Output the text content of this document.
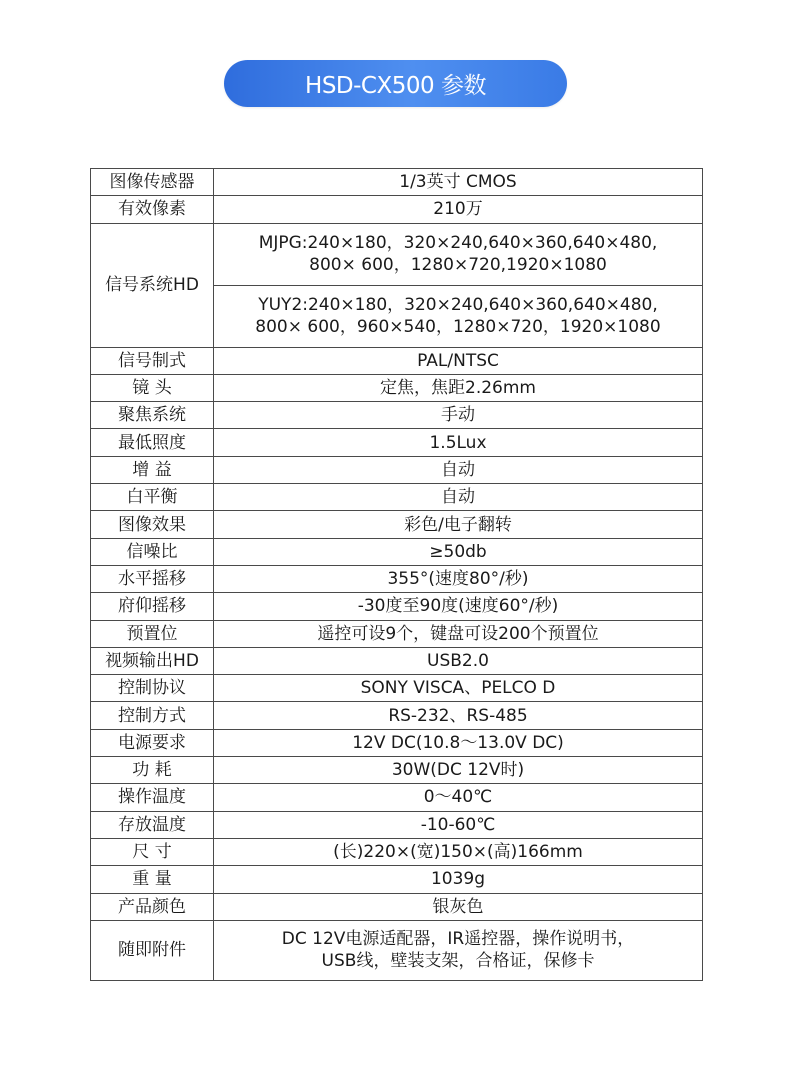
HSD-CX500 参数
图像传感器	1/3英寸 CMOS

有效像素	210万

信号系统HD	MJPG:240×180，320×240,640×360,640×480,
800× 600，1280×720,1920×1080

	YUY2:240×180，320×240,640×360,640×480,
800× 600，960×540，1280×720，1920×1080

信号制式	PAL/NTSC

镜 头	定焦，焦距2.26mm

聚焦系统	手动

最低照度	1.5Lux

增 益	自动

白平衡	自动

图像效果	彩色/电子翻转

信噪比	≥50db

水平摇移	355°(速度80°/秒)

府仰摇移	-30度至90度(速度60°/秒)

预置位	遥控可设9个，键盘可设200个预置位

视频输出HD	USB2.0

控制协议	SONY VISCA、PELCO D

控制方式	RS-232、RS-485

电源要求	12V DC(10.8～13.0V DC)

功 耗	30W(DC 12V时)

操作温度	0～40℃

存放温度	-10-60℃

尺 寸	(长)220×(宽)150×(高)166mm

重 量	1039g

产品颜色	银灰色

随即附件	DC 12V电源适配器，IR遥控器，操作说明书，
USB线，壁装支架，合格证，保修卡
